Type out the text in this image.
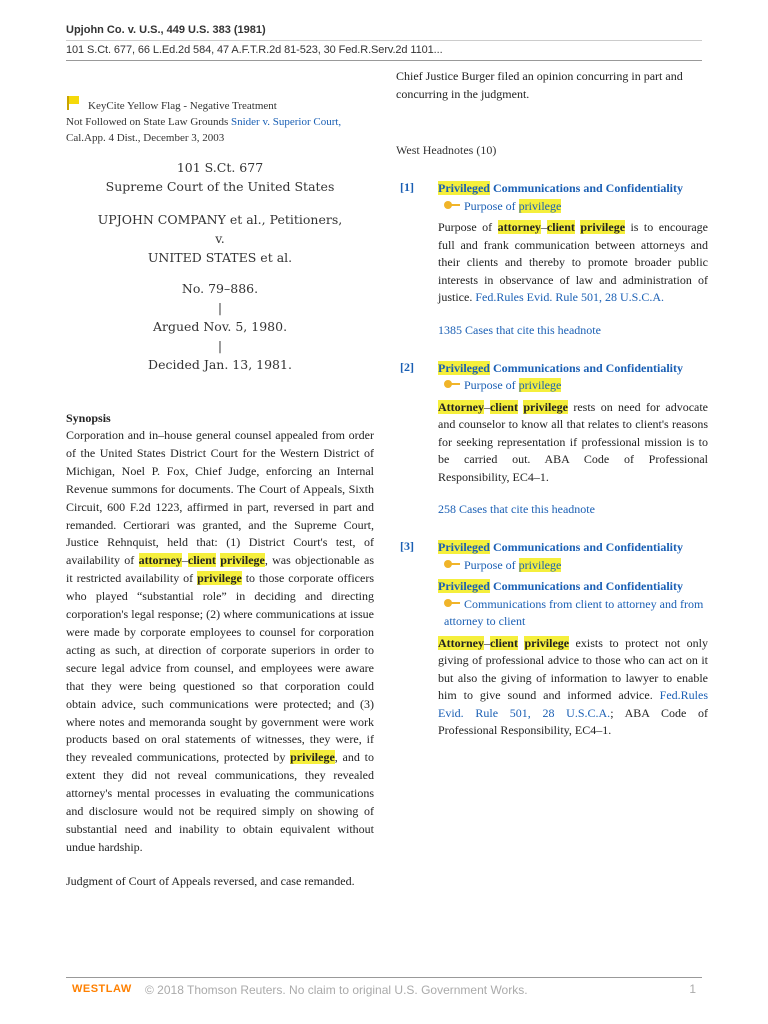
Upjohn Co. v. U.S., 449 U.S. 383 (1981)
101 S.Ct. 677, 66 L.Ed.2d 584, 47 A.F.T.R.2d 81-523, 30 Fed.R.Serv.2d 1101...
KeyCite Yellow Flag - Negative Treatment
Not Followed on State Law Grounds Snider v. Superior Court, Cal.App. 4 Dist., December 3, 2003
101 S.Ct. 677
Supreme Court of the United States
UPJOHN COMPANY et al., Petitioners,
v.
UNITED STATES et al.
No. 79–886.
|
Argued Nov. 5, 1980.
|
Decided Jan. 13, 1981.
Synopsis
Corporation and in–house general counsel appealed from order of the United States District Court for the Western District of Michigan, Noel P. Fox, Chief Judge, enforcing an Internal Revenue summons for documents. The Court of Appeals, Sixth Circuit, 600 F.2d 1223, affirmed in part, reversed in part and remanded. Certiorari was granted, and the Supreme Court, Justice Rehnquist, held that: (1) District Court's test, of availability of attorney–client privilege, was objectionable as it restricted availability of privilege to those corporate officers who played “substantial role” in deciding and directing corporation's legal response; (2) where communications at issue were made by corporate employees to counsel for corporation acting as such, at direction of corporate superiors in order to secure legal advice from counsel, and employees were aware that they were being questioned so that corporation could obtain advice, such communications were protected; and (3) where notes and memoranda sought by government were work products based on oral statements of witnesses, they were, if they revealed communications, protected by privilege, and to extent they did not reveal communications, they revealed attorney's mental processes in evaluating the communications and disclosure would not be required simply on showing of substantial need and inability to obtain equivalent without undue hardship.
Judgment of Court of Appeals reversed, and case remanded.
Chief Justice Burger filed an opinion concurring in part and concurring in the judgment.
West Headnotes (10)
[1] Privileged Communications and Confidentiality
Purpose of privilege
Purpose of attorney–client privilege is to encourage full and frank communication between attorneys and their clients and thereby to promote broader public interests in observance of law and administration of justice. Fed.Rules Evid. Rule 501, 28 U.S.C.A.
1385 Cases that cite this headnote
[2] Privileged Communications and Confidentiality
Purpose of privilege
Attorney–client privilege rests on need for advocate and counselor to know all that relates to client's reasons for seeking representation if professional mission is to be carried out. ABA Code of Professional Responsibility, EC4–1.
258 Cases that cite this headnote
[3] Privileged Communications and Confidentiality
Purpose of privilege
Privileged Communications and Confidentiality
Communications from client to attorney and from attorney to client
Attorney–client privilege exists to protect not only giving of professional advice to those who can act on it but also the giving of information to lawyer to enable him to give sound and informed advice. Fed.Rules Evid. Rule 501, 28 U.S.C.A.; ABA Code of Professional Responsibility, EC4–1.
WESTLAW © 2018 Thomson Reuters. No claim to original U.S. Government Works.	1
